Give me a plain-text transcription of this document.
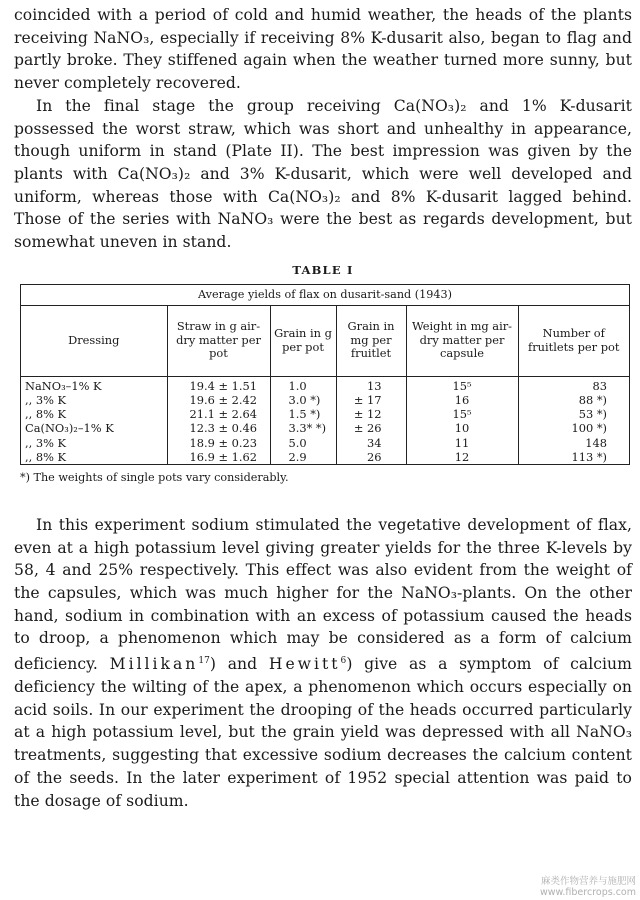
coincided with a period of cold and humid weather, the heads of the plants receiving NaNO₃, especially if receiving 8% K-dusarit also, began to flag and partly broke. They stiffened again when the weather turned more sunny, but never completely recovered.

In the final stage the group receiving Ca(NO₃)₂ and 1% K-dusarit possessed the worst straw, which was short and unhealthy in appearance, though uniform in stand (Plate II). The best impression was given by the plants with Ca(NO₃)₂ and 3% K-dusarit, which were well developed and uniform, whereas those with Ca(NO₃)₂ and 8% K-dusarit lagged behind. Those of the series with NaNO₃ were the best as regards development, but somewhat uneven in stand.

TABLE I
Average yields of flax on dusarit-sand (1943)
Dressing	Straw in g air-dry matter per pot	Grain in g per pot	Grain in mg per fruitlet	Weight in mg air-dry matter per capsule	Number of fruitlets per pot
NaNO₃–1% K	19.4 ± 1.51	1.0	13	15⁵	83
,, 3% K	19.6 ± 2.42	3.0 *)	± 17	16	88 *)
,, 8% K	21.1 ± 2.64	1.5 *)	± 12	15⁵	53 *)
Ca(NO₃)₂–1% K	12.3 ± 0.46	3.3* *)	± 26	10	100 *)
,, 3% K	18.9 ± 0.23	5.0	34	11	148
,, 8% K	16.9 ± 1.62	2.9	26	12	113 *)
*) The weights of single pots vary considerably.

In this experiment sodium stimulated the vegetative development of flax, even at a high potassium level giving greater yields for the three K-levels by 58, 4 and 25% respectively. This effect was also evident from the weight of the capsules, which was much higher for the NaNO₃-plants. On the other hand, sodium in combination with an excess of potassium caused the heads to droop, a phenomenon which may be considered as a form of calcium deficiency. Millikan$^{17}$) and Hewitt$^6$) give as a symptom of calcium deficiency the wilting of the apex, a phenomenon which occurs especially on acid soils. In our experiment the drooping of the heads occurred particularly at a high potassium level, but the grain yield was depressed with all NaNO₃ treatments, suggesting that excessive sodium decreases the calcium content of the seeds. In the later experiment of 1952 special attention was paid to the dosage of sodium.

麻类作物营养与施肥网
www.fibercrops.com
